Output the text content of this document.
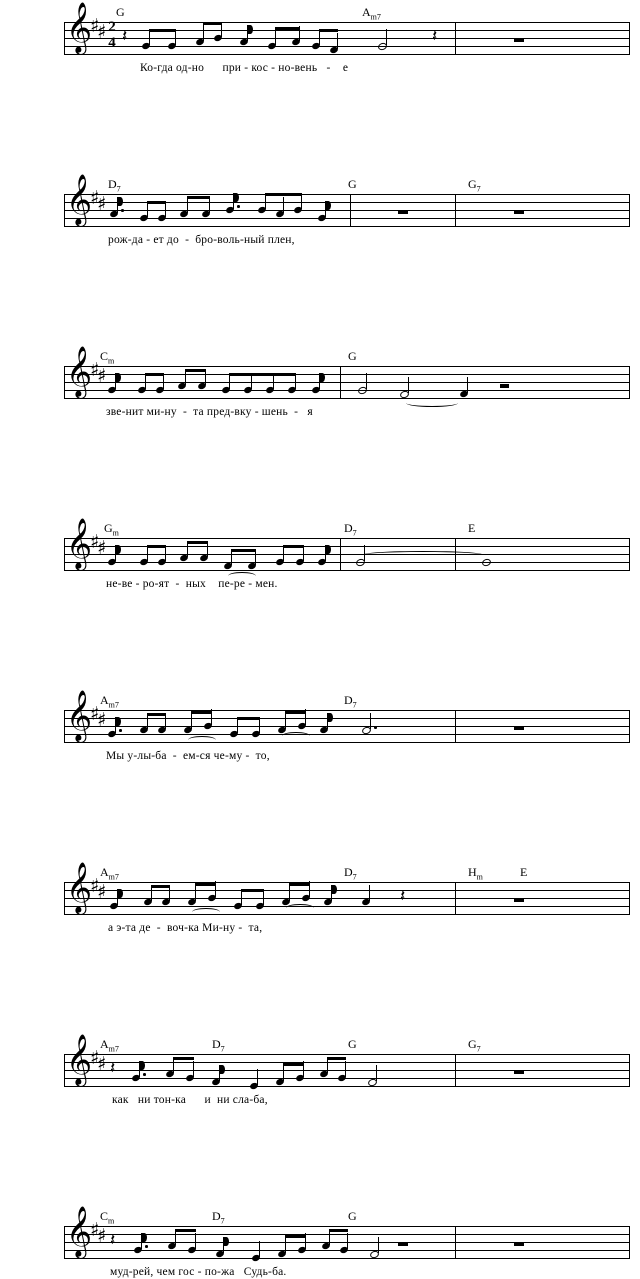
𝄞
♯
♯ 2
4
G	$A_{m7}$
𝄽	𝄽
Ко-гда од-но      при - кос - но-вень   -    е
𝄞
♯
♯
$D_7$	G	$G_7$
рож-да - ет до  -  бро-воль-ный плен,
𝄞
♯
♯
$C_m$	G
зве-нит ми-ну  -  та пред-вку - шень  -   я
𝄞
♯
♯
$G_m$	$D_7$	E
не-ве - ро-ят  -  ных    пе-ре - мен.
𝄞
♯
♯
$A_{m7}$	$D_7$
Мы у-лы-ба  -  ем-ся че-му -  то,
𝄞
♯
♯
$A_{m7}$	$D_7$	$H_m$	E
𝄽
а э-та де  -  воч-ка Ми-ну -  та,
𝄞
♯
♯
$A_{m7}$	$D_7$	G	$G_7$
𝄽
как   ни тон-ка      и  ни сла-ба,
𝄞
♯
♯
$C_m$	$D_7$	G
𝄽
муд-рей, чем гос - по-жа   Судь-ба.
